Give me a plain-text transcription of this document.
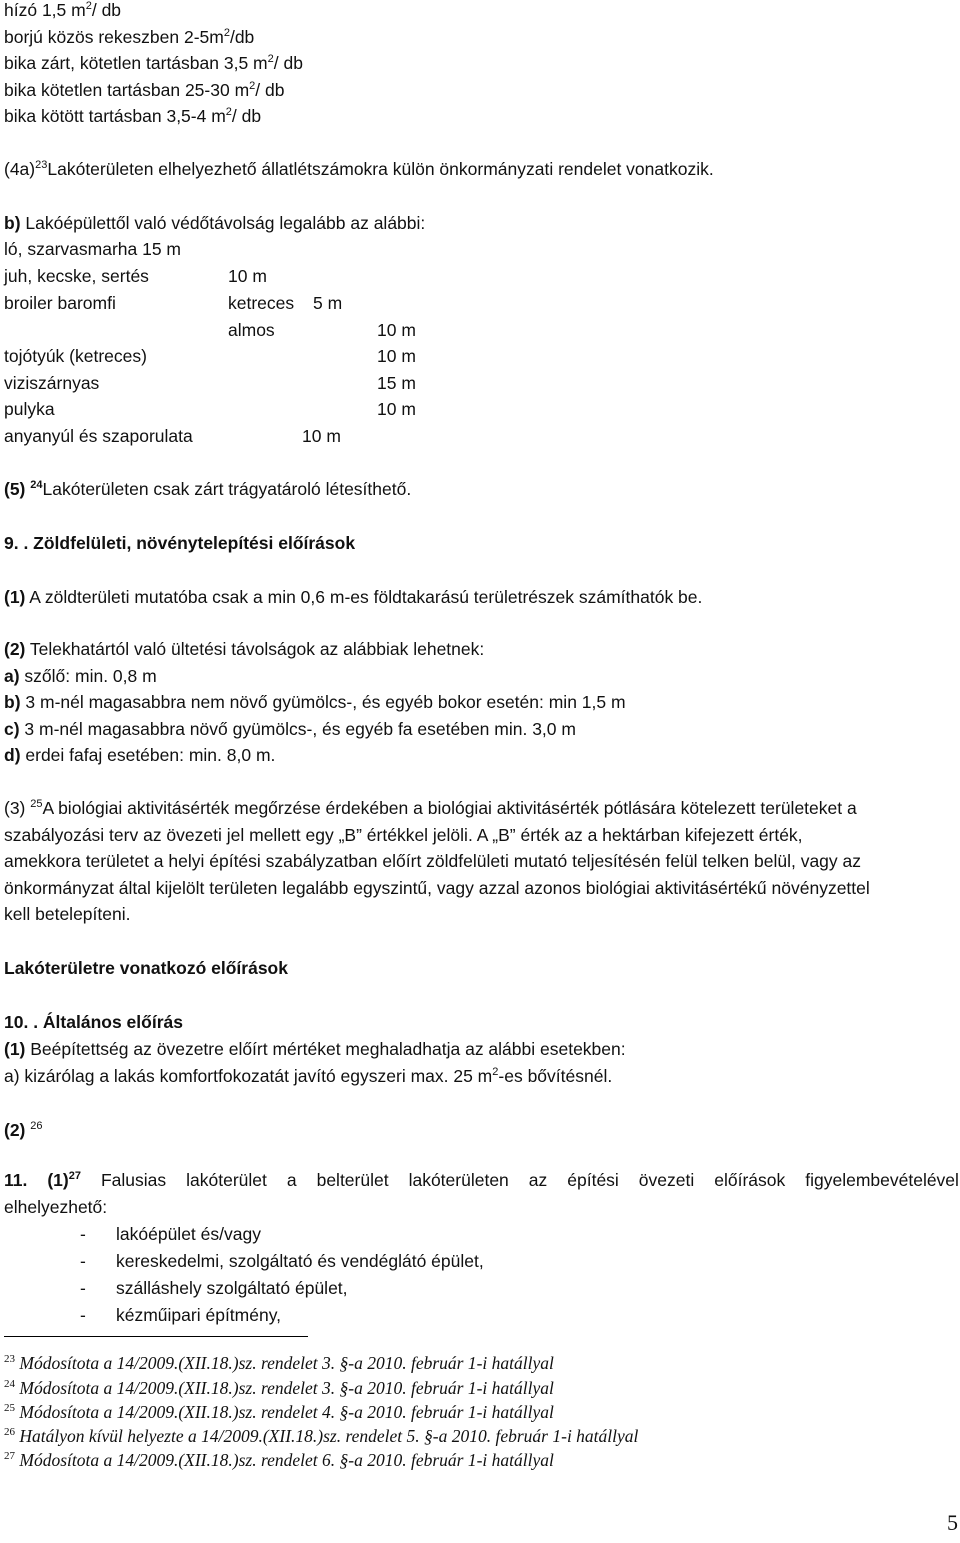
hízó 1,5 $m^2/$ db
borjú közös rekeszben $2-5m^2/db$
bika zárt, kötetlen tartásban 3,5 $m^2/$ db
bika kötetlen tartásban 25-30 $m^2/$ db
bika kötött tartásban 3,5-4 $m^2/$ db
$(4a)^{23}Lakóterületen$ elhelyezhető állatlétszámokra külön önkormányzati rendelet vonatkozik.
b) Lakóépülettől való védőtávolság legalább az alábbi:
ló, szarvasmarha 15 m
juh, kecske, sertés	10 m
broiler baromfi	ketreces 5 m
almos	10 m
tojótyúk (ketreces)	10 m
viziszárnyas	15 m
pulyka	10 m
anyanyúl és szaporulata	10 m
(5) $^{24}$Lakóterületen csak zárt trágyatároló létesíthető.
9. . Zöldfelületi, növénytelepítési előírások
(1) A zöldterületi mutatóba csak a min 0,6 m-es földtakarású területrészek számíthatók be.
(2) Telekhatártól való ültetési távolságok az alábbiak lehetnek:
a) szőlő: min. 0,8 m
b) 3 m-nél magasabbra nem növő gyümölcs-, és egyéb bokor esetén: min 1,5 m
c) 3 m-nél magasabbra növő gyümölcs-, és egyéb fa esetében min. 3,0 m
d) erdei fafaj esetében: min. 8,0 m.
(3) $^{25}$A biológiai aktivitásérték megőrzése érdekében a biológiai aktivitásérték pótlására kötelezett területeket a
szabályozási terv az övezeti jel mellett egy „B” értékkel jelöli. A „B” érték az a hektárban kifejezett érték,
amekkora területet a helyi építési szabályzatban előírt zöldfelületi mutató teljesítésén felül telken belül, vagy az
önkormányzat által kijelölt területen legalább egyszintű, vagy azzal azonos biológiai aktivitásértékű növényzettel
kell betelepíteni.
Lakóterületre vonatkozó előírások
10. . Általános előírás
(1) Beépítettség az övezetre előírt mértéket meghaladhatja az alábbi esetekben:
a) kizárólag a lakás komfortfokozatát javító egyszeri max. 25 $m^2-es$ bővítésnél.
(2) $^{26}$
11. $(1)^{27}$ Falusias lakóterület a belterület lakóterületen az építési övezeti előírások figyelembevételével
elhelyezhető:
- lakóépület és/vagy
- kereskedelmi, szolgáltató és vendéglátó épület,
- szálláshely szolgáltató épület,
- kézműipari építmény,
$^{23}$ Módosítota a 14/2009.(XII.18.)sz. rendelet 3. §-a 2010. február 1-i hatállyal
$^{24}$ Módosítota a 14/2009.(XII.18.)sz. rendelet 3. §-a 2010. február 1-i hatállyal
$^{25}$ Módosítota a 14/2009.(XII.18.)sz. rendelet 4. §-a 2010. február 1-i hatállyal
$^{26}$ Hatályon kívül helyezte a 14/2009.(XII.18.)sz. rendelet 5. §-a 2010. február 1-i hatállyal
$^{27}$ Módosítota a 14/2009.(XII.18.)sz. rendelet 6. §-a 2010. február 1-i hatállyal
5
